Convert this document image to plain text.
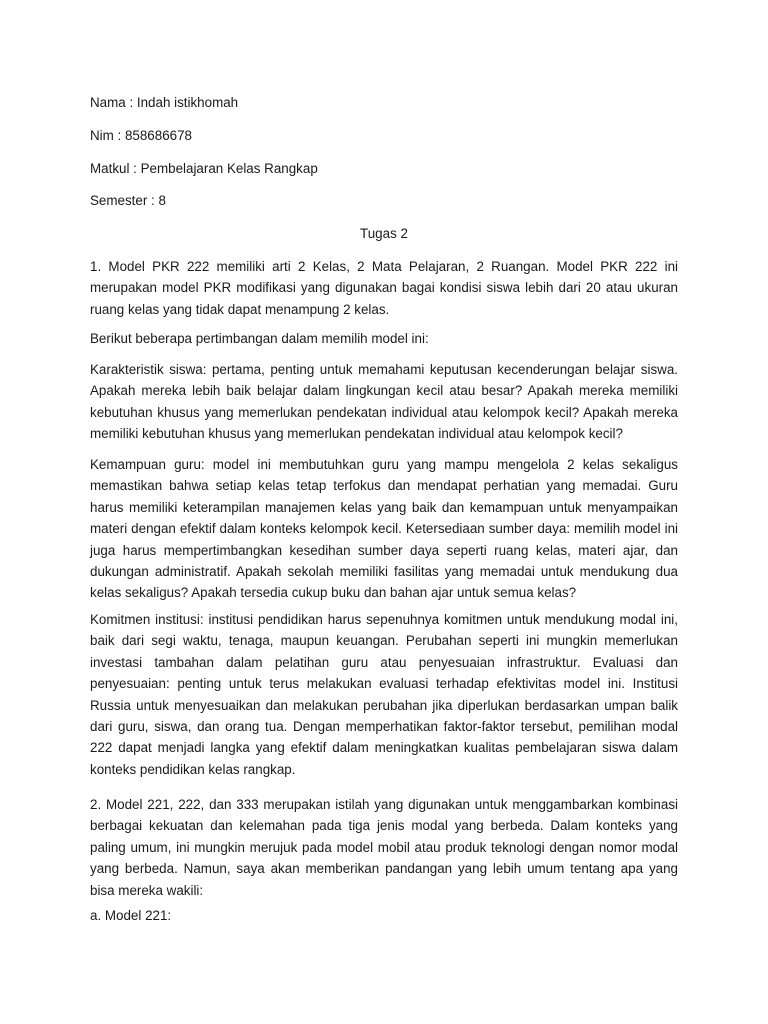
Nama : Indah istikhomah

Nim : 858686678

Matkul : Pembelajaran Kelas Rangkap

Semester : 8

Tugas 2

1. Model PKR 222 memiliki arti 2 Kelas, 2 Mata Pelajaran, 2 Ruangan. Model PKR 222 ini merupakan model PKR modifikasi yang digunakan bagai kondisi siswa lebih dari 20 atau ukuran ruang kelas yang tidak dapat menampung 2 kelas.

Berikut beberapa pertimbangan dalam memilih model ini:

Karakteristik siswa: pertama, penting untuk memahami keputusan kecenderungan belajar siswa. Apakah mereka lebih baik belajar dalam lingkungan kecil atau besar? Apakah mereka memiliki kebutuhan khusus yang memerlukan pendekatan individual atau kelompok kecil? Apakah mereka memiliki kebutuhan khusus yang memerlukan pendekatan individual atau kelompok kecil?

Kemampuan guru: model ini membutuhkan guru yang mampu mengelola 2 kelas sekaligus memastikan bahwa setiap kelas tetap terfokus dan mendapat perhatian yang memadai. Guru harus memiliki keterampilan manajemen kelas yang baik dan kemampuan untuk menyampaikan materi dengan efektif dalam konteks kelompok kecil. Ketersediaan sumber daya: memilih model ini juga harus mempertimbangkan kesedihan sumber daya seperti ruang kelas, materi ajar, dan dukungan administratif. Apakah sekolah memiliki fasilitas yang memadai untuk mendukung dua kelas sekaligus? Apakah tersedia cukup buku dan bahan ajar untuk semua kelas?

Komitmen institusi: institusi pendidikan harus sepenuhnya komitmen untuk mendukung modal ini, baik dari segi waktu, tenaga, maupun keuangan. Perubahan seperti ini mungkin memerlukan investasi tambahan dalam pelatihan guru atau penyesuaian infrastruktur. Evaluasi dan penyesuaian: penting untuk terus melakukan evaluasi terhadap efektivitas model ini. Institusi Russia untuk menyesuaikan dan melakukan perubahan jika diperlukan berdasarkan umpan balik dari guru, siswa, dan orang tua. Dengan memperhatikan faktor-faktor tersebut, pemilihan modal 222 dapat menjadi langka yang efektif dalam meningkatkan kualitas pembelajaran siswa dalam konteks pendidikan kelas rangkap.

2. Model 221, 222, dan 333 merupakan istilah yang digunakan untuk menggambarkan kombinasi berbagai kekuatan dan kelemahan pada tiga jenis modal yang berbeda. Dalam konteks yang paling umum, ini mungkin merujuk pada model mobil atau produk teknologi dengan nomor modal yang berbeda. Namun, saya akan memberikan pandangan yang lebih umum tentang apa yang bisa mereka wakili:

a. Model 221:
